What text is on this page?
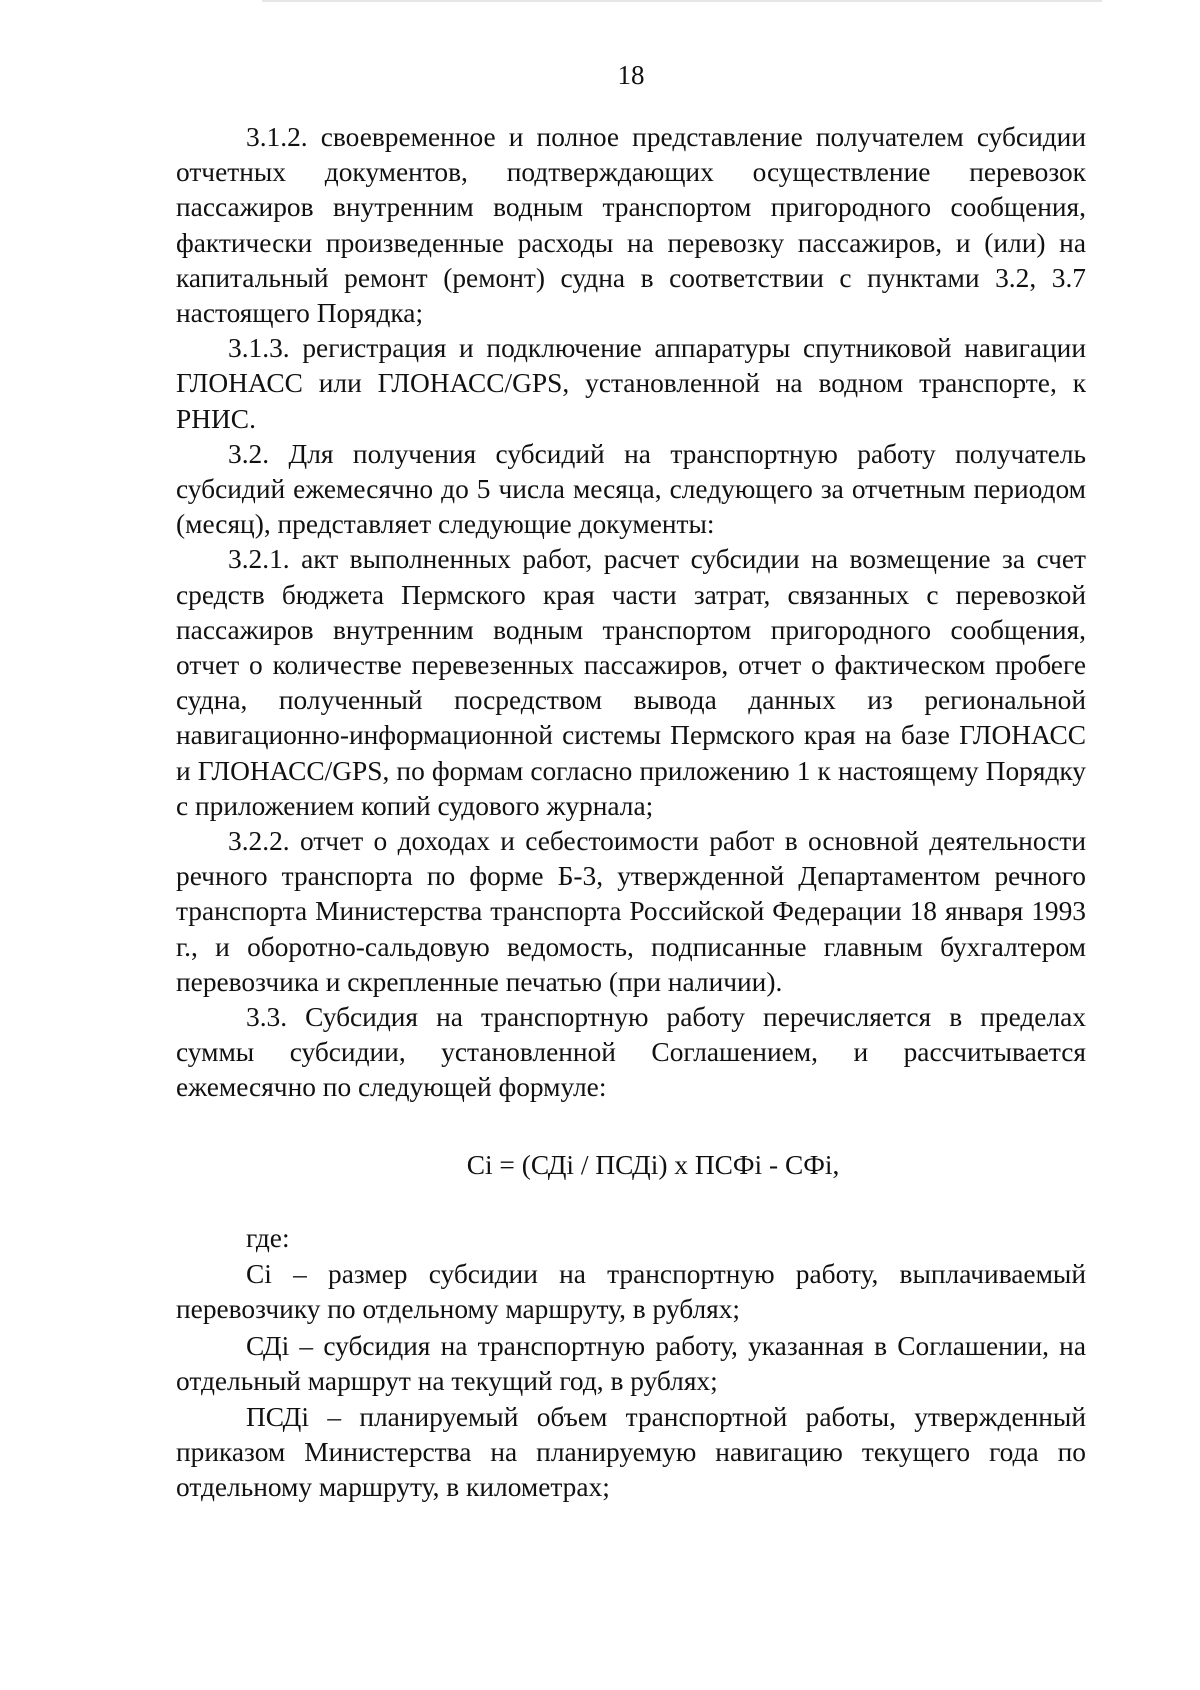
18

3.1.2. своевременное и полное представление получателем субсидии отчетных документов, подтверждающих осуществление перевозок пассажиров внутренним водным транспортом пригородного сообщения, фактически произведенные расходы на перевозку пассажиров, и (или) на капитальный ремонт (ремонт) судна в соответствии с пунктами 3.2, 3.7 настоящего Порядка;

3.1.3. регистрация и подключение аппаратуры спутниковой навигации ГЛОНАСС или ГЛОНАСС/GPS, установленной на водном транспорте, к РНИС.

3.2. Для получения субсидий на транспортную работу получатель субсидий ежемесячно до 5 числа месяца, следующего за отчетным периодом (месяц), представляет следующие документы:

3.2.1. акт выполненных работ, расчет субсидии на возмещение за счет средств бюджета Пермского края части затрат, связанных с перевозкой пассажиров внутренним водным транспортом пригородного сообщения, отчет о количестве перевезенных пассажиров, отчет о фактическом пробеге судна, полученный посредством вывода данных из региональной навигационно-информационной системы Пермского края на базе ГЛОНАСС и ГЛОНАСС/GPS, по формам согласно приложению 1 к настоящему Порядку с приложением копий судового журнала;

3.2.2. отчет о доходах и себестоимости работ в основной деятельности речного транспорта по форме Б-3, утвержденной Департаментом речного транспорта Министерства транспорта Российской Федерации 18 января 1993 г., и оборотно-сальдовую ведомость, подписанные главным бухгалтером перевозчика и скрепленные печатью (при наличии).

3.3. Субсидия на транспортную работу перечисляется в пределах суммы субсидии, установленной Соглашением, и рассчитывается ежемесячно по следующей формуле:

Ci = (СДi / ПСДi) x ПСФi - СФi,

где:

Ci – размер субсидии на транспортную работу, выплачиваемый перевозчику по отдельному маршруту, в рублях;

СДi – субсидия на транспортную работу, указанная в Соглашении, на отдельный маршрут на текущий год, в рублях;

ПСДi – планируемый объем транспортной работы, утвержденный приказом Министерства на планируемую навигацию текущего года по отдельному маршруту, в километрах;
